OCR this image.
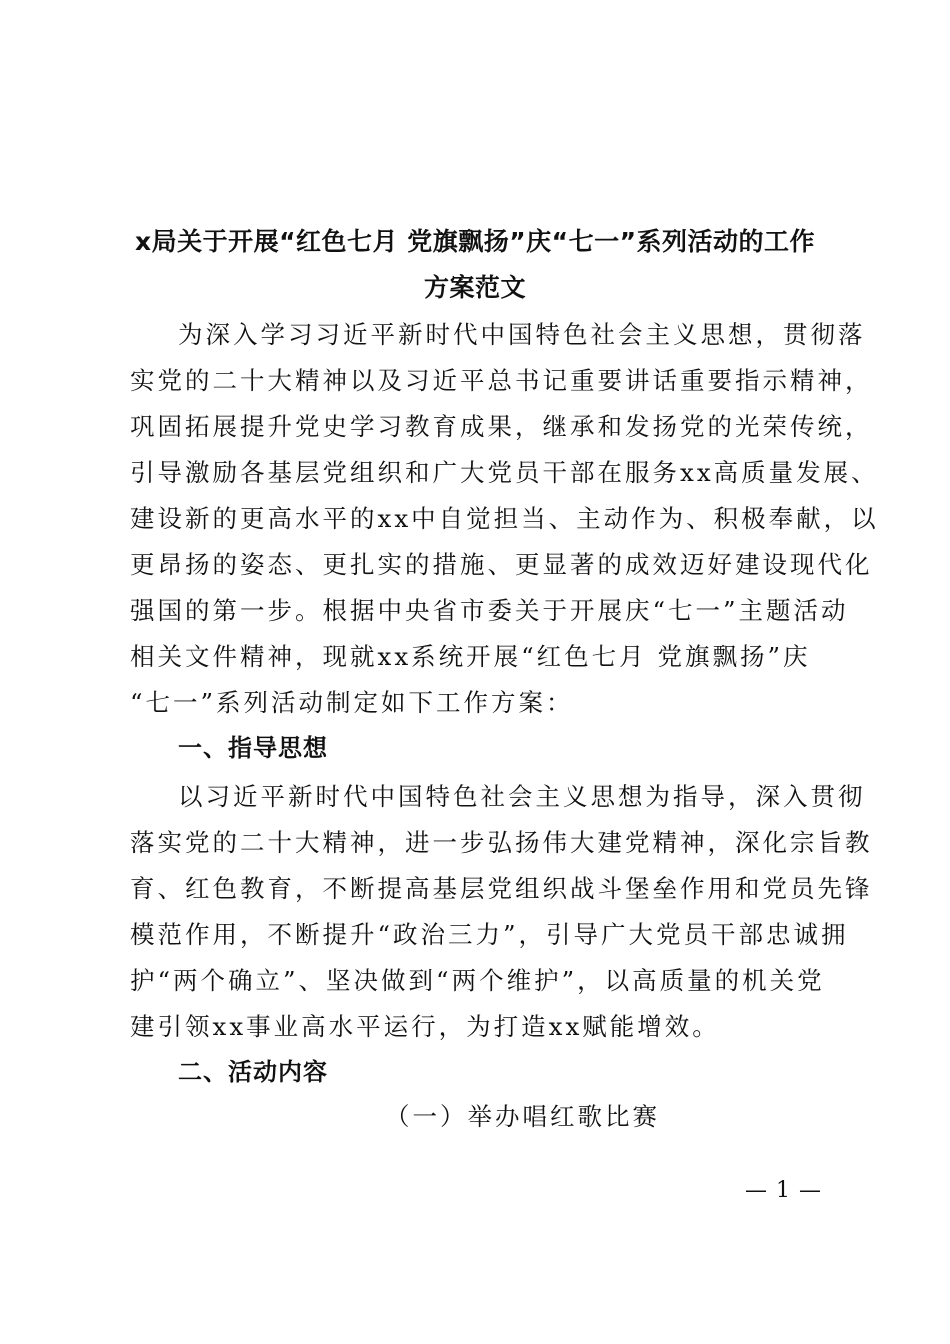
x局关于开展“红色七月 党旗飘扬”庆“七一”系列活动的工作
方案范文

为深入学习习近平新时代中国特色社会主义思想，贯彻落
实党的二十大精神以及习近平总书记重要讲话重要指示精神，
巩固拓展提升党史学习教育成果，继承和发扬党的光荣传统，
引导激励各基层党组织和广大党员干部在服务xx高质量发展、
建设新的更高水平的xx中自觉担当、主动作为、积极奉献，以
更昂扬的姿态、更扎实的措施、更显著的成效迈好建设现代化
强国的第一步。根据中央省市委关于开展庆“七一”主题活动
相关文件精神，现就xx系统开展“红色七月 党旗飘扬”庆
“七一”系列活动制定如下工作方案：

一、指导思想

以习近平新时代中国特色社会主义思想为指导，深入贯彻
落实党的二十大精神，进一步弘扬伟大建党精神，深化宗旨教
育、红色教育，不断提高基层党组织战斗堡垒作用和党员先锋
模范作用，不断提升“政治三力”，引导广大党员干部忠诚拥
护“两个确立”、坚决做到“两个维护”，以高质量的机关党
建引领xx事业高水平运行，为打造xx赋能增效。

二、活动内容
（一）举办唱红歌比赛
— 1 —
